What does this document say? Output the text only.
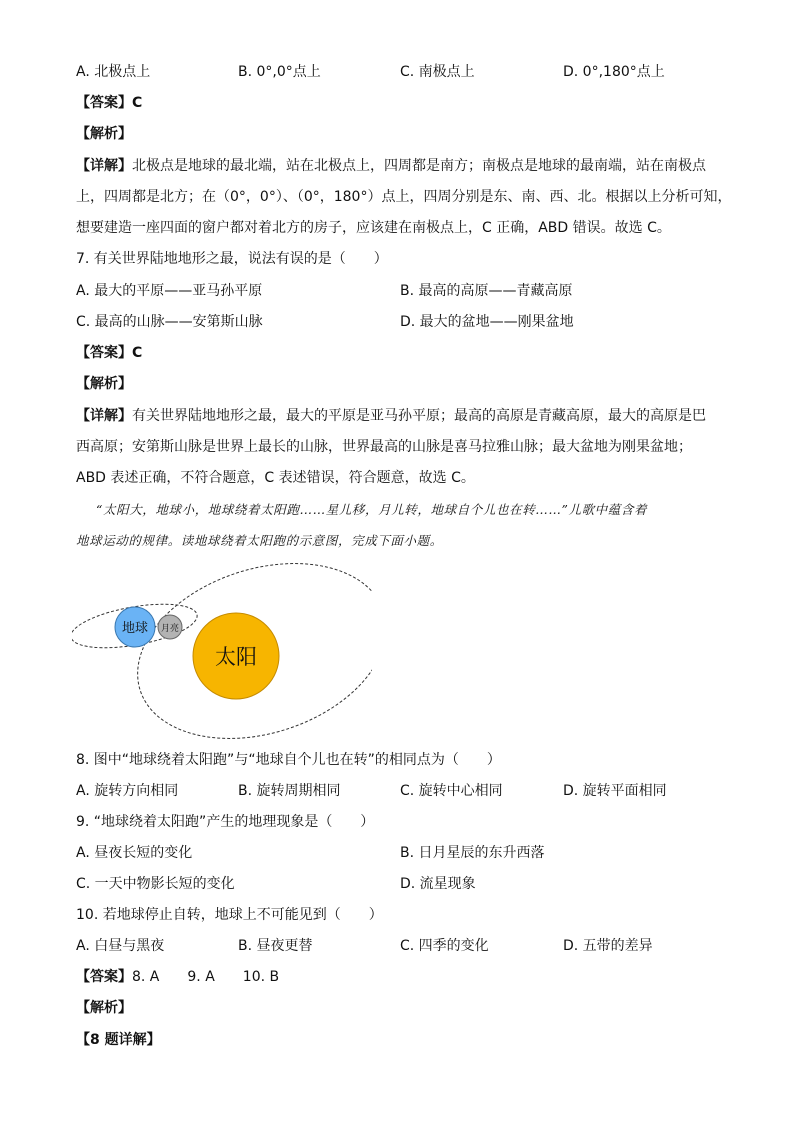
A. 北极点上	B. 0°,0°点上	C. 南极点上	D. 0°,180°点上
【答案】C
【解析】
【详解】北极点是地球的最北端，站在北极点上，四周都是南方；南极点是地球的最南端，站在南极点
上，四周都是北方；在（0°，0°）、（0°，180°）点上，四周分别是东、南、西、北。根据以上分析可知，
想要建造一座四面的窗户都对着北方的房子，应该建在南极点上，C 正确，ABD 错误。故选 C。
7. 有关世界陆地地形之最，说法有误的是（　　）
A. 最大的平原——亚马孙平原	B. 最高的高原——青藏高原
C. 最高的山脉——安第斯山脉	D. 最大的盆地——刚果盆地
【答案】C
【解析】
【详解】有关世界陆地地形之最，最大的平原是亚马孙平原；最高的高原是青藏高原，最大的高原是巴
西高原；安第斯山脉是世界上最长的山脉，世界最高的山脉是喜马拉雅山脉；最大盆地为刚果盆地；
ABD 表述正确，不符合题意，C 表述错误，符合题意，故选 C。
“太阳大，地球小，地球绕着太阳跑……星儿移，月儿转，地球自个儿也在转……”儿歌中蕴含着
地球运动的规律。读地球绕着太阳跑的示意图，完成下面小题。
太阳
地球 月亮
8. 图中“地球绕着太阳跑”与“地球自个儿也在转”的相同点为（　　）
A. 旋转方向相同	B. 旋转周期相同	C. 旋转中心相同	D. 旋转平面相同
9. “地球绕着太阳跑”产生的地理现象是（　　）
A. 昼夜长短的变化	B. 日月星辰的东升西落
C. 一天中物影长短的变化	D. 流星现象
10. 若地球停止自转，地球上不可能见到（　　）
A. 白昼与黑夜	B. 昼夜更替	C. 四季的变化	D. 五带的差异
【答案】8. A 9. A 10. B
【解析】
【8 题详解】
